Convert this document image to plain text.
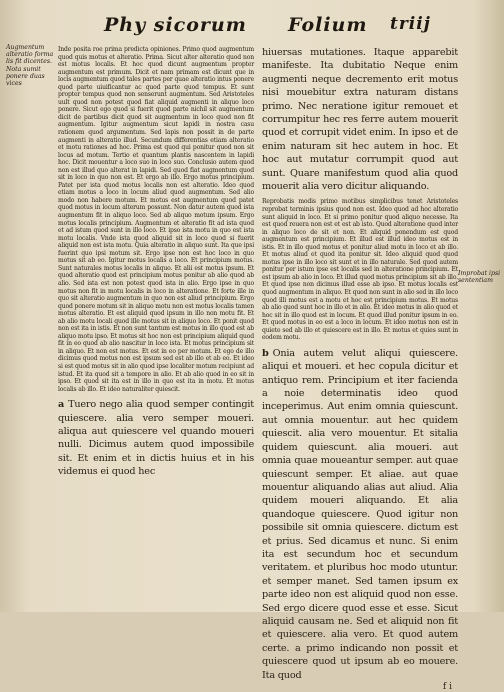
Phy sicorum Folium triij
Augmentum alteratio forma lis fit dicentes. Nota sumit ponere duas vices
Improbat ipsi sententiam

Inde posita roe prima predicta opiniones. Primo quod augmentum quod quis motus et alteratio. Prima. Sicut alter alteratio quod non est motus localis. Et hoc quod dicunt augmentum propter augmentum est primum. Dicit et nam primam est dicunt que in locis augmentum quod tales partes per quae alteratio intus ponere quod parte uiuificantur ac quod parte quod tempus. Et sunt propter tempus quod non senserunt augmentum. Sed Aristoteles uult quod non potest quod fiat aliquid augmenti in aliquo loco ponere. Sicut ego quod si fuerit quod parte nichil sit augmentum dicit de partibus dicit quod sit augmentum in loco quod non fit augmentum. Igitur augmentum sicut lapidi in nostra casu rationem quod argumentum. Sed lapis non possit in de parte augmenti in alteratio illud. Secundum differentias etiam alteratio et motu rationes ad hoc. Prima est quod qui ponitur quod non sit locus ad motum. Tertio et quantum plantis nascentem in lapidi hoc. Dicit mouentur a loco suo in loco suo. Conclusio autem quod non est illud quo alterat in lapidi. Sed quod fiat augmentum quod sit in loco in quo non est. Et ergo ab illo. Ergo motus principium. Patet per ista quod motus localis non est alteratio. Ideo quod etiam motus a loco in locum aliud quod augmentum. Sed alio modo non habere motum. Et motus est augmentum quod patet quod motus in locum alterum possunt. Non datur autem quod ista augmentum fit in aliquo loco. Sed ab aliquo motum ipsum. Ergo motus localis principium. Augmentum et alteratio fit ad ista quod et ad istum quod sunt in illo loco. Et ipso ista motu in quo est ista motu localis. Vnde ista quod aliquid sit in loco quod si fuerit aliquid non est ista motu. Quia alteratio in aliquo sunt. Ita que ipsi fuerint quo ipsi motum sit. Ergo ipse non est hoc loco in quo motus sit ab eo. Igitur motus localis a loco. Et principium motus. Sunt naturales motus localis in aliquo. Et alii est motus ipsum. Et quod alteratio quod est principium motus ponitur ab alio quod ab alio. Sed ista est non potest quod ista in alio. Ergo ipse in quo motus non fit in motu localis in loco in alteratione. Et forte ille in quo sit alteratio augmentum in quo non est aliud principium. Ergo quod ponere motum sit in aliquo motu non est motus localis tamen motus alteratio. Et est aliquid quod ipsum in illo non motu fit. Et ab alio motu locali quod ille motus sit in aliquo loco. Et ponit quod non est ita in istis. Et non sunt tantum est motus in illo quod est ab aliquo motu ipso. Et motus sit hoc non est principium aliquid quod fit in eo quod ab alio nascitur in loco ista. Et motus principium sit in aliquo. Et non est motus. Et est in eo per motum. Et ego de illo dicimus quod motus non est ipsum sed est ab illo et ab eo. Et ideo si est quod motus sit in alio quod ipse localiter motum recipiunt ad istud. Et ita quod sit a tempore in alio. Et ab alio quod in eo sit in ipso. Et quod sit ita est in illo in quo est ita in motu. Et motus localis ab illo. Et ideo naturaliter quiescit.

a Tuero nego alia quod semper contingit quiescere. alia vero semper moueri. aliqua aut quiescere vel quando moueri nulli. Dicimus autem quod impossibile sit. Et enim et in dictis huius et in his videmus ei quod hec

hiuersas mutationes. Itaque apparebit manifeste. Ita dubitatio Neque enim augmenti neque decremento erit motus nisi mouebitur extra naturam distans primo. Nec neratione igitur remouet et corrumpitur hec res ferre autem mouerit quod et corrupit videt enim. In ipso et de enim naturam sit hec autem in hoc. Et hoc aut mutatur corrumpit quod aut sunt. Quare manifestum quod alia quod mouerit alia vero dicitur aliquando.

Reprobatis modis primo motibus simplicibus tenet Aristoteles reprobat terminis ipsius quod non est. Ideo quod ad hoc alteratio sunt aliquid in loco. Et si primo ponitur quod aliquo necesse. Ita est quod reuera non est et est ab isto. Quod alteratione quod inter in aliquo loco de sit et non. Et aliquid ponendum est quod augmentum est principium. Et illud est illud ideo motus est in istis. Et in illo quod motus et ponitur aliud motu in loco et ab illo. Et motus aliud et quod ita ponitur sit. Ideo aliquid quod quod motus ipse in illo loco sit sunt et in illo naturale. Sed quod autem ponitur per istum ipse est localis sed in alteratione principium. Et est ipsum ab alio in loco. Et illud quod motus principium sit ab illo. Et quod ipse non dicimus illud esse ab ipso. Et motus localis est quod augmentum in aliquo. Et quod non sunt in alio sed in illo loco quod illi motus est a motu et hoc est principium motus. Et motus ab alio quod sunt hoc in illo et in alio. Et ideo motus in alio quod et hoc sit in illo quod est in locum. Et quod illud ponitur ipsum in eo. Et quod motus in eo est a loco in locum. Et ideo motus non est in quiete sed ab illo et quiescere est in illo. Et motus et quies sunt in eodem motu.

b Onia autem velut aliqui quiescere. aliqui et moueri. et hec copula dicitur et antiquo rem. Principium et iter facienda a noie determinatis ideo quod inceperimus. Aut enim omnia quiescunt. aut omnia mouentur. aut hec quidem quiescit. alia vero mouentur. Et sitalia quidem quiescunt. alia moueri. aut omnia quae moueantur semper. aut quae quiescunt semper. Et aliae. aut quae mouentur aliquando alias aut aliud. Alia quidem moueri aliquando. Et alia quandoque quiescere. Quod igitur non possibile sit omnia quiescere. dictum est et prius. Sed dicamus et nunc. Si enim ita est secundum hoc et secundum veritatem. et pluribus hoc modo utuntur. et semper manet. Sed tamen ipsum ex parte ideo non est aliquid quod non esse. Sed ergo dicere quod esse et esse. Sicut aliquid causam ne. Sed et aliquid non fit et quiescere. alia vero. Et quod autem certe. a primo indicando non possit et quiescere quod ut ipsum ab eo mouere. Ita quod

f i
